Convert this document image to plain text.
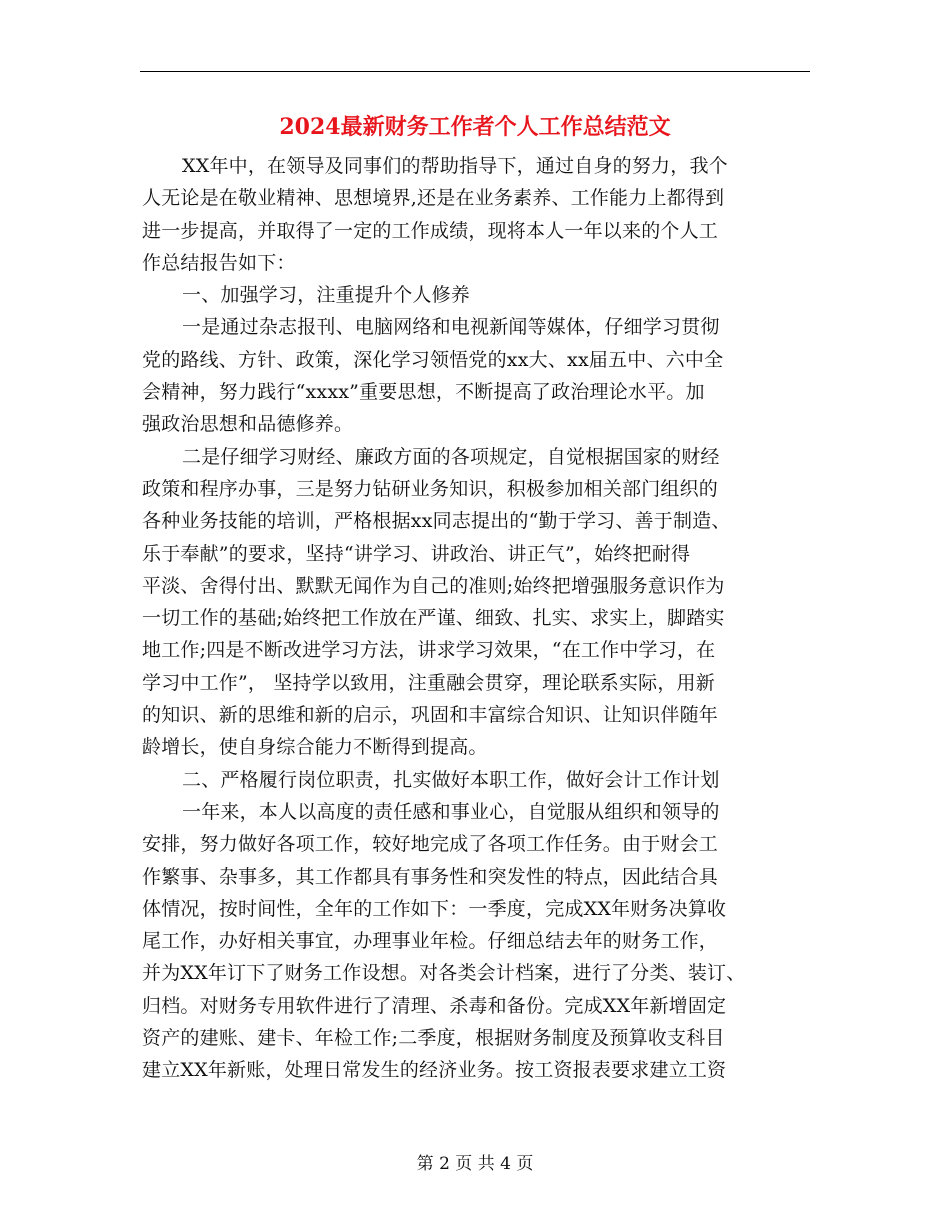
2024最新财务工作者个人工作总结范文
XX年中，在领导及同事们的帮助指导下，通过自身的努力，我个
人无论是在敬业精神、思想境界,还是在业务素养、工作能力上都得到
进一步提高，并取得了一定的工作成绩，现将本人一年以来的个人工
作总结报告如下：
一、加强学习，注重提升个人修养
一是通过杂志报刊、电脑网络和电视新闻等媒体，仔细学习贯彻
党的路线、方针、政策，深化学习领悟党的xx大、xx届五中、六中全
会精神，努力践行“xxxx”重要思想，不断提高了政治理论水平。加
强政治思想和品德修养。
二是仔细学习财经、廉政方面的各项规定，自觉根据国家的财经
政策和程序办事，三是努力钻研业务知识，积极参加相关部门组织的
各种业务技能的培训，严格根据xx同志提出的“勤于学习、善于制造、
乐于奉献”的要求，坚持“讲学习、讲政治、讲正气”，始终把耐得
平淡、舍得付出、默默无闻作为自己的准则;始终把增强服务意识作为
一切工作的基础;始终把工作放在严谨、细致、扎实、求实上，脚踏实
地工作;四是不断改进学习方法，讲求学习效果，“在工作中学习，在
学习中工作”， 坚持学以致用，注重融会贯穿，理论联系实际，用新
的知识、新的思维和新的启示，巩固和丰富综合知识、让知识伴随年
龄增长，使自身综合能力不断得到提高。
二、严格履行岗位职责，扎实做好本职工作，做好会计工作计划
一年来，本人以高度的责任感和事业心，自觉服从组织和领导的
安排，努力做好各项工作，较好地完成了各项工作任务。由于财会工
作繁事、杂事多，其工作都具有事务性和突发性的特点，因此结合具
体情况，按时间性，全年的工作如下：一季度，完成XX年财务决算收
尾工作，办好相关事宜，办理事业年检。仔细总结去年的财务工作，
并为XX年订下了财务工作设想。对各类会计档案，进行了分类、装订、
归档。对财务专用软件进行了清理、杀毒和备份。完成XX年新增固定
资产的建账、建卡、年检工作;二季度，根据财务制度及预算收支科目
建立XX年新账，处理日常发生的经济业务。按工资报表要求建立工资
第 2 页 共 4 页
